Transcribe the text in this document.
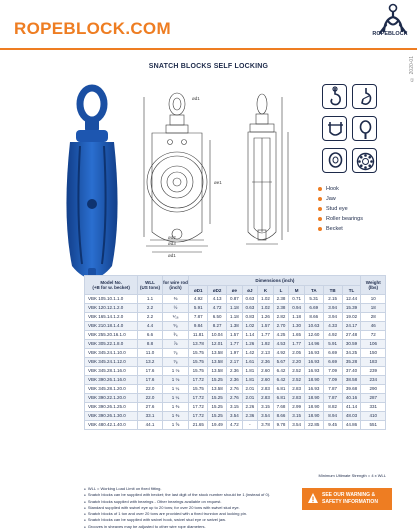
ROPEBLOCK.COM	ROPEBLOCK
© 2020-01
SNATCH BLOCKS SELF LOCKING
ød1
øe1
ød2
ød3
ød1
Hook
Jaw
Stud eye
Roller bearings
Becket
Model No.
(+B for w. becket)	WLL
(US tons)	for wire rod
(inch)	Dimensions (inch)										Weight
(lbs)
			øD1	øD2	øe	øJ	K	L	M	TA	TB	TL	
VBK 105.10.1.1.0	1.1	⅜	4.92	4.13	0.87	0.63	1.02	2.38	0.71	5.31	2.15	12.44	10
VBK 120.12.1.2.0	2.2	½	5.91	4.72	1.18	0.63	1.02	2.38	0.94	6.69	3.94	15.39	18
VBK 165.14.1.2.0	2.2	⁹⁄₁₆	7.87	6.50	1.18	0.83	1.26	2.82	1.18	8.66	3.94	19.02	28
VBK 210.18.1.4.0	4.4	⁵⁄₈	9.84	8.27	1.38	1.02	1.57	2.70	1.30	10.63	4.33	24.17	46
VBK 255.20.16.1.0	6.6	³⁄₄	11.81	10.04	1.57	1.14	1.77	4.25	1.65	12.60	4.92	27.48	72
VBK 305.22.1.8.0	8.8	⅞	13.78	12.01	1.77	1.26	1.92	4.53	1.77	14.96	5.91	30.59	106
VBK 345.24.1.10.0	11.0	⁷⁄₈	15.75	13.58	1.97	1.42	2.13	4.92	2.05	16.93	6.69	34.25	150
VBK 345.24.1.12.0	13.2	⁷⁄₈	15.75	13.58	2.17	1.61	2.36	5.67	2.20	16.93	6.69	35.28	183
VBK 345.28.1.16.0	17.6	1 ⅛	15.75	13.58	2.36	1.81	2.60	6.42	2.52	16.93	7.09	37.40	239
VBK 390.26.1.16.0	17.6	1 ⅛	17.72	15.25	2.36	1.81	2.60	6.42	2.52	18.90	7.09	38.58	234
VBK 345.28.1.20.0	22.0	1 ¼	15.75	13.58	2.76	2.01	2.83	6.81	2.83	16.93	7.87	39.68	290
VBK 390.22.1.20.0	22.0	1 ¼	17.72	15.25	2.76	2.01	2.83	6.81	2.83	18.90	7.87	40.16	287
VBK 390.26.1.25.0	27.6	1 ⅜	17.72	15.25	3.15	2.26	3.15	7.68	2.99	18.90	8.82	41.14	331
VBK 390.26.1.30.0	33.1	1 ⅜	17.72	15.25	3.54	2.36	3.54	8.66	3.15	18.90	8.94	48.03	410
VBK 480.42.1.40.0	44.1	1 ⅝	21.65	19.49	4.72	-	3.78	9.78	3.54	22.85	9.45	44.86	551
Minimum Ultimate Strength = 4 x WLL
● WLL = Working Load Limit on fixed fitting.
● Snatch blocks can be supplied with becket; the last digit of the stock number should be 1 (instead of 0).
● Snatch blocks supplied with bearings - Other bearings available on request.
● Standard supplied with swivel eye up to 20 tons; for over 20 tons with swivel stud eye.
● Snatch blocks of 1 ton and over 20 tons are provided with a fixed trunnion and locking pin.
● Snatch blocks can be supplied with swivel hook, swivel stud eye or swivel jaw.
● Grooves in sheaves may be adjusted to other wire rope diameters.
SEE OUR WARNING &
SAFETY INFORMATION
